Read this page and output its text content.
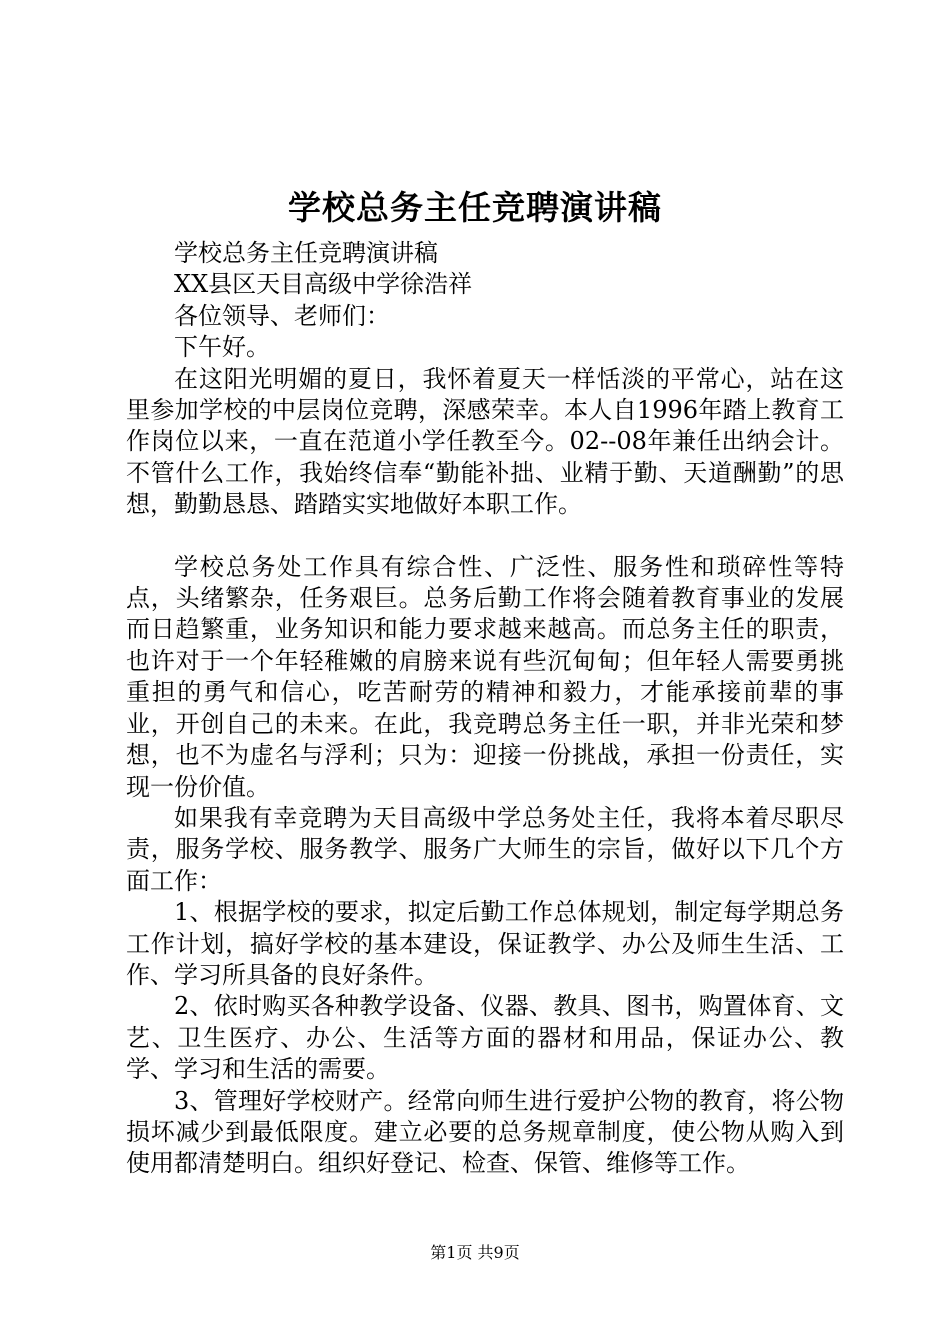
学校总务主任竞聘演讲稿

学校总务主任竞聘演讲稿

XX县区天目高级中学徐浩祥

各位领导、老师们：

下午好。

在这阳光明媚的夏日，我怀着夏天一样恬淡的平常心，站在这里参加学校的中层岗位竞聘，深感荣幸。本人自1996年踏上教育工作岗位以来，一直在范道小学任教至今。02--08年兼任出纳会计。不管什么工作，我始终信奉“勤能补拙、业精于勤、天道酬勤”的思想，勤勤恳恳、踏踏实实地做好本职工作。

学校总务处工作具有综合性、广泛性、服务性和琐碎性等特点，头绪繁杂，任务艰巨。总务后勤工作将会随着教育事业的发展而日趋繁重，业务知识和能力要求越来越高。而总务主任的职责，也许对于一个年轻稚嫩的肩膀来说有些沉甸甸；但年轻人需要勇挑重担的勇气和信心，吃苦耐劳的精神和毅力，才能承接前辈的事业，开创自己的未来。在此，我竞聘总务主任一职，并非光荣和梦想，也不为虚名与浮利；只为：迎接一份挑战，承担一份责任，实现一份价值。

如果我有幸竞聘为天目高级中学总务处主任，我将本着尽职尽责，服务学校、服务教学、服务广大师生的宗旨，做好以下几个方面工作：

1、根据学校的要求，拟定后勤工作总体规划，制定每学期总务工作计划，搞好学校的基本建设，保证教学、办公及师生生活、工作、学习所具备的良好条件。

2、依时购买各种教学设备、仪器、教具、图书，购置体育、文艺、卫生医疗、办公、生活等方面的器材和用品，保证办公、教学、学习和生活的需要。

3、管理好学校财产。经常向师生进行爱护公物的教育，将公物损坏减少到最低限度。建立必要的总务规章制度，使公物从购入到使用都清楚明白。组织好登记、检查、保管、维修等工作。

第1页 共9页
